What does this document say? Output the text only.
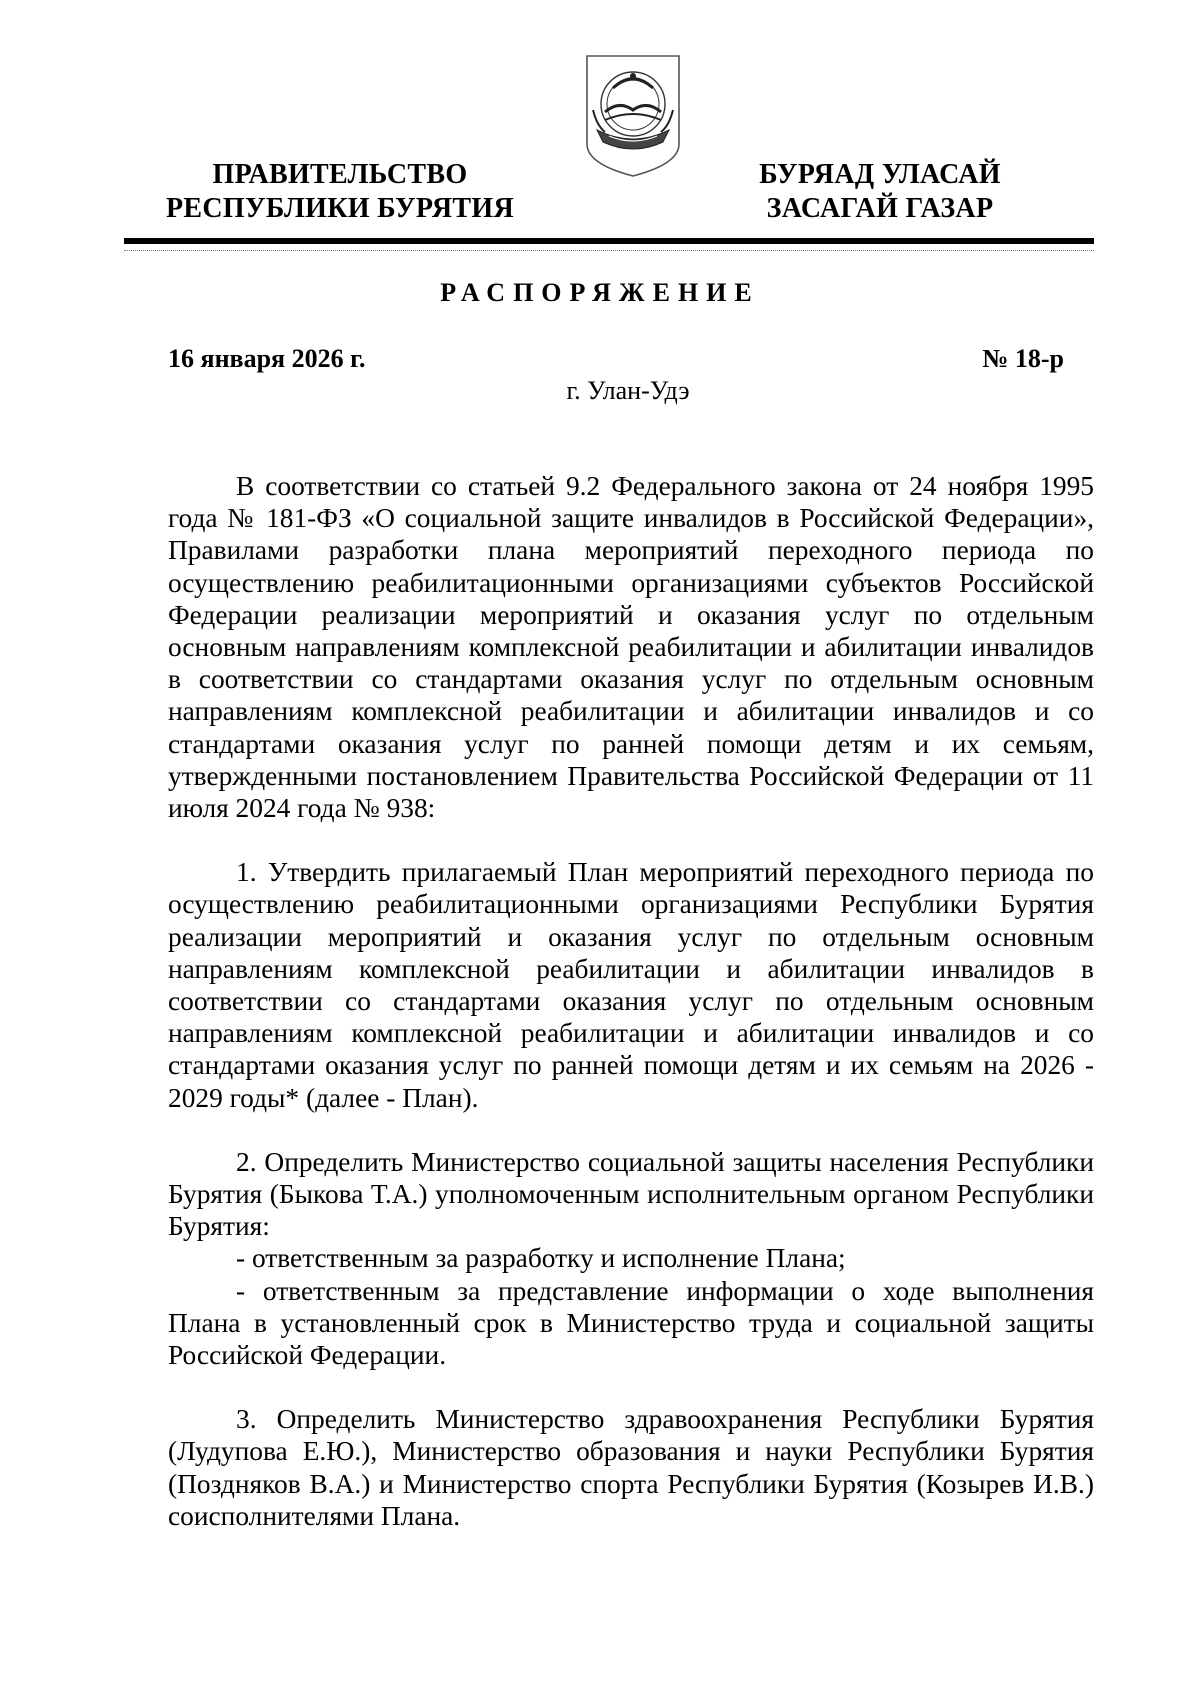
ПРАВИТЕЛЬСТВО
РЕСПУБЛИКИ БУРЯТИЯ
БУРЯАД УЛАСАЙ
ЗАСАГАЙ ГАЗАР
РАСПОРЯЖЕНИЕ
16 января 2026 г.	№ 18-р
г. Улан-Удэ

В соответствии со статьей 9.2 Федерального закона от 24 ноября 1995 года № 181-ФЗ «О социальной защите инвалидов в Российской Федерации», Правилами разработки плана мероприятий переходного периода по осуществлению реабилитационными организациями субъектов Российской Федерации реализации мероприятий и оказания услуг по отдельным основным направлениям комплексной реабилитации и абилитации инвалидов в соответствии со стандартами оказания услуг по отдельным основным направлениям комплексной реабилитации и абилитации инвалидов и со стандартами оказания услуг по ранней помощи детям и их семьям, утвержденными постановлением Правительства Российской Федерации от 11 июля 2024 года № 938:

1. Утвердить прилагаемый План мероприятий переходного периода по осуществлению реабилитационными организациями Республики Бурятия реализации мероприятий и оказания услуг по отдельным основным направлениям комплексной реабилитации и абилитации инвалидов в соответствии со стандартами оказания услуг по отдельным основным направлениям комплексной реабилитации и абилитации инвалидов и со стандартами оказания услуг по ранней помощи детям и их семьям на 2026 - 2029 годы* (далее - План).

2. Определить Министерство социальной защиты населения Республики Бурятия (Быкова Т.А.) уполномоченным исполнительным органом Республики Бурятия:

- ответственным за разработку и исполнение Плана;

- ответственным за представление информации о ходе выполнения Плана в установленный срок в Министерство труда и социальной защиты Российской Федерации.

3. Определить Министерство здравоохранения Республики Бурятия (Лудупова Е.Ю.), Министерство образования и науки Республики Бурятия (Поздняков В.А.) и Министерство спорта Республики Бурятия (Козырев И.В.) соисполнителями Плана.
